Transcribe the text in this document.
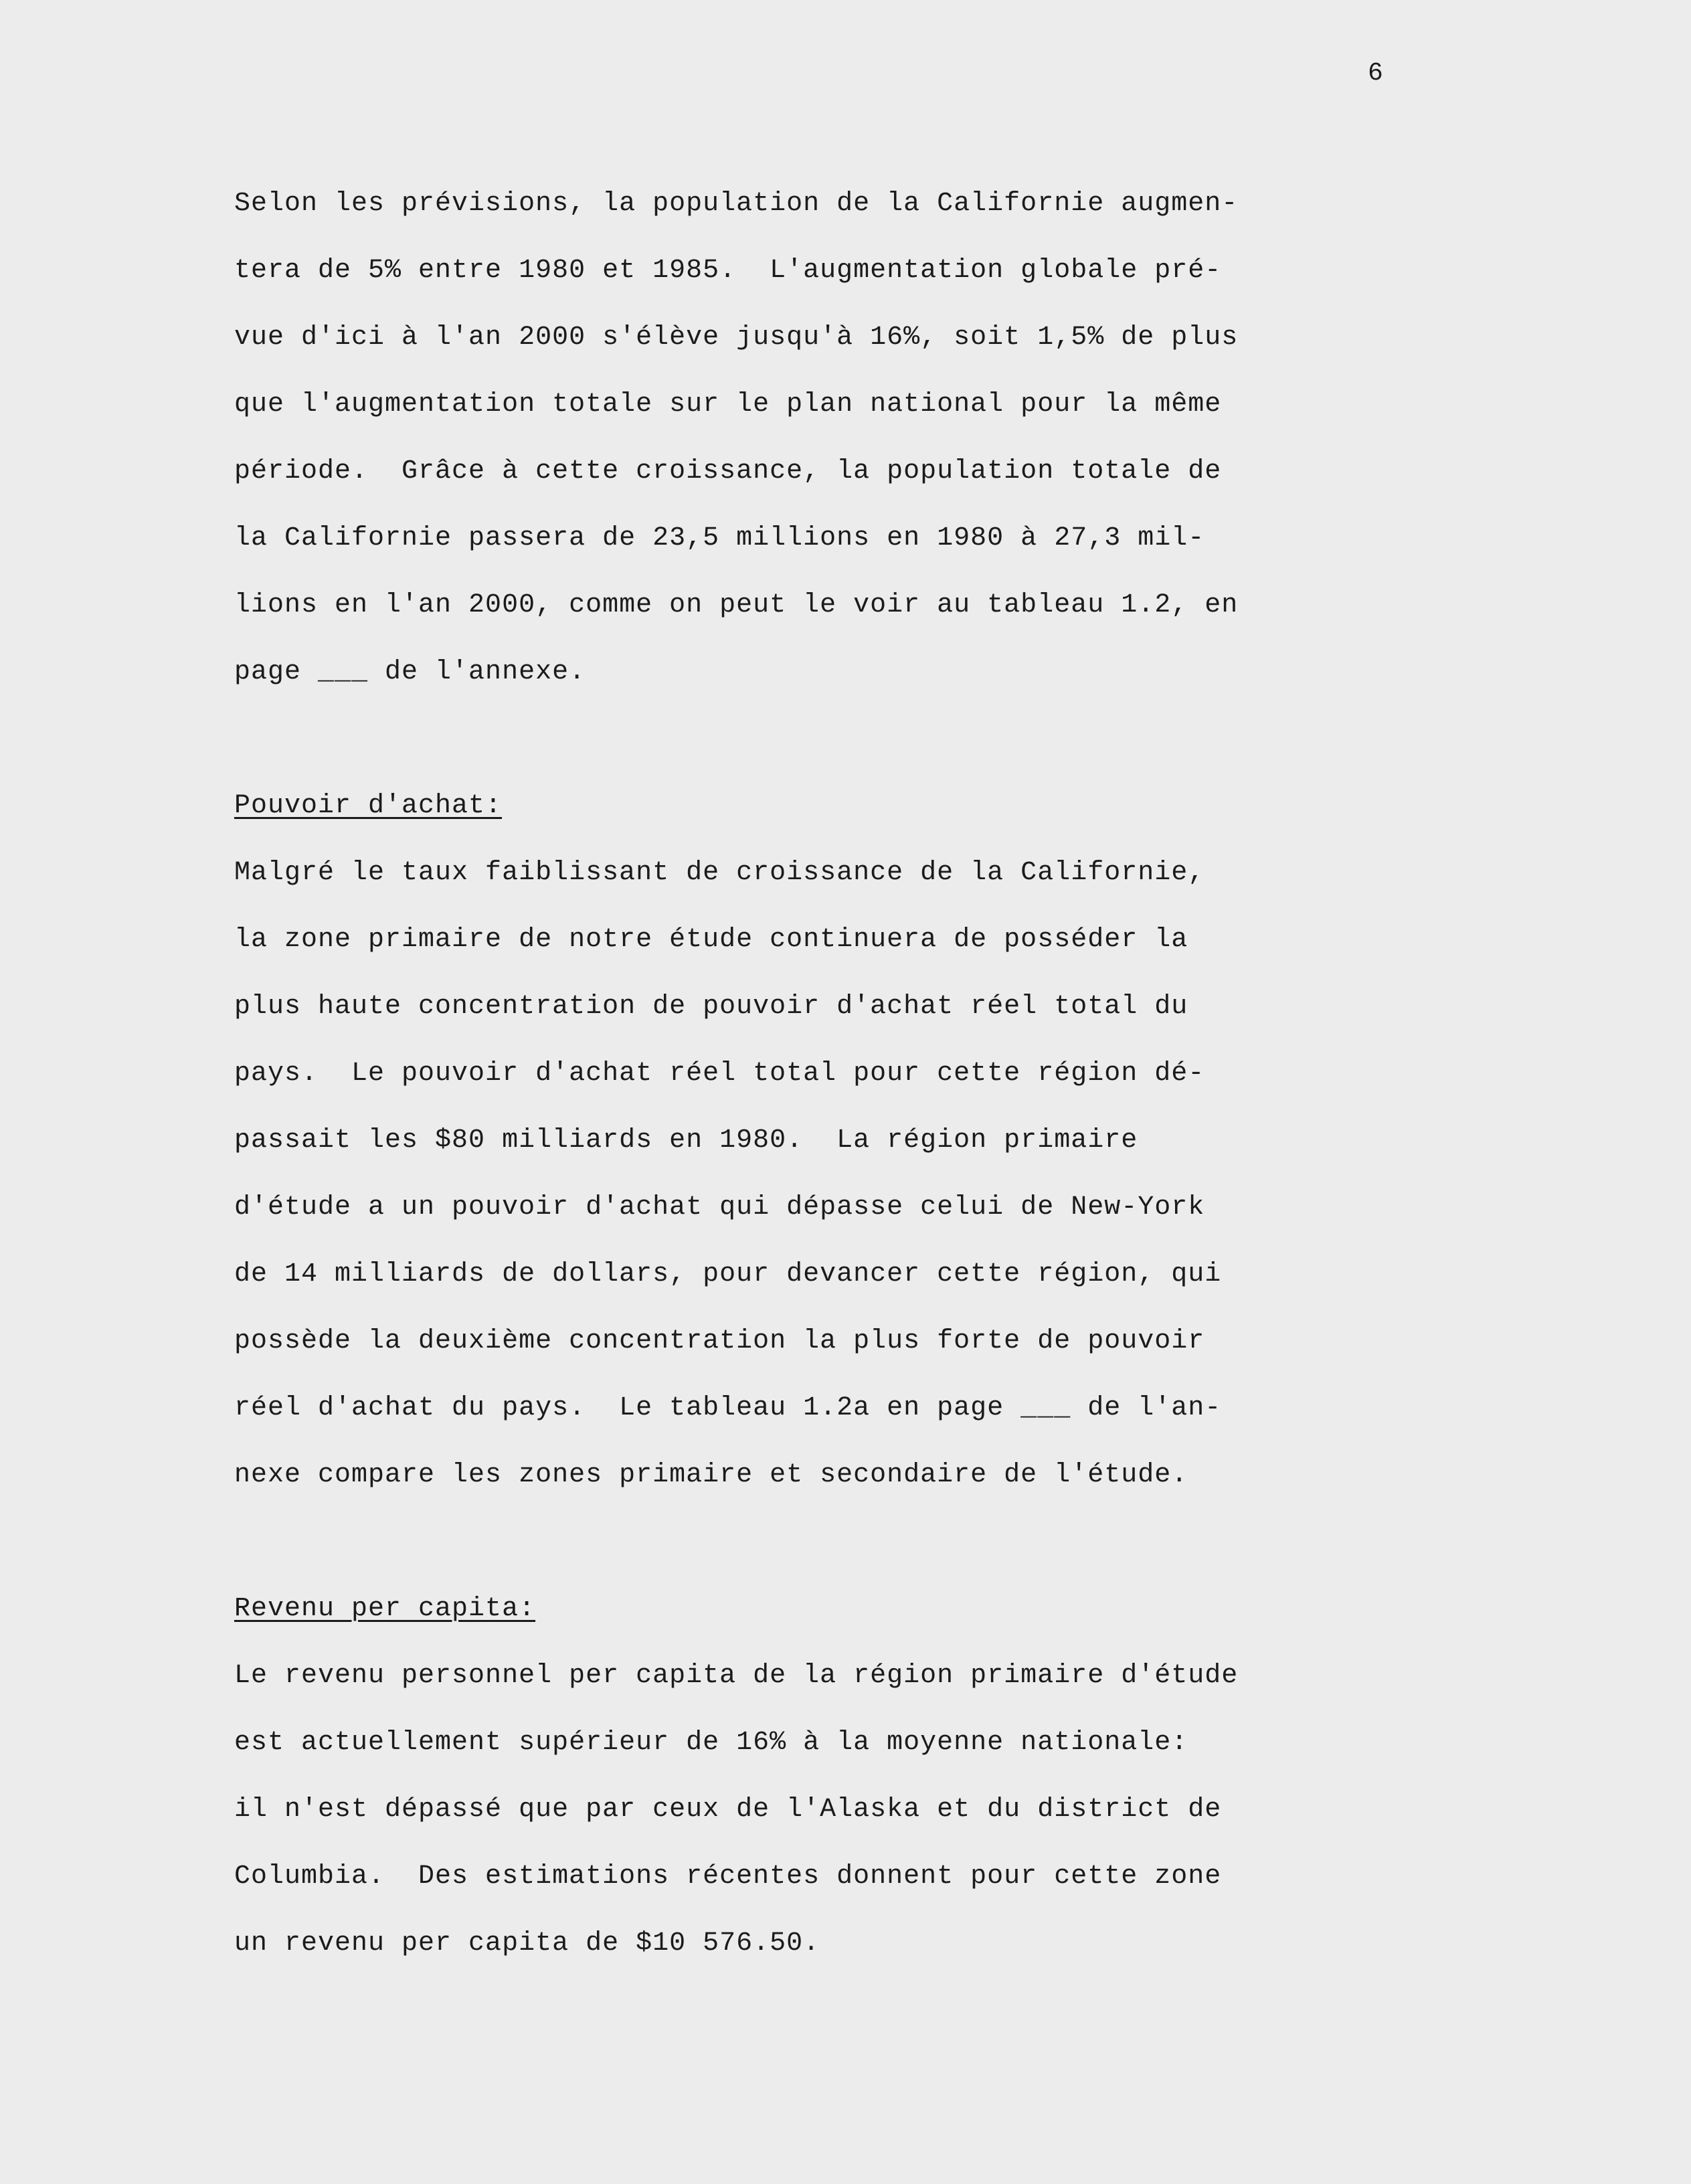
6

Selon les prévisions, la population de la Californie augmen-

tera de 5% entre 1980 et 1985.  L'augmentation globale pré-

vue d'ici à l'an 2000 s'élève jusqu'à 16%, soit 1,5% de plus

que l'augmentation totale sur le plan national pour la même

période.  Grâce à cette croissance, la population totale de

la Californie passera de 23,5 millions en 1980 à 27,3 mil-

lions en l'an 2000, comme on peut le voir au tableau 1.2, en

page ___ de l'annexe.

Pouvoir d'achat:

Malgré le taux faiblissant de croissance de la Californie,

la zone primaire de notre étude continuera de posséder la

plus haute concentration de pouvoir d'achat réel total du

pays.  Le pouvoir d'achat réel total pour cette région dé-

passait les $80 milliards en 1980.  La région primaire

d'étude a un pouvoir d'achat qui dépasse celui de New-York

de 14 milliards de dollars, pour devancer cette région, qui

possède la deuxième concentration la plus forte de pouvoir

réel d'achat du pays.  Le tableau 1.2a en page ___ de l'an-

nexe compare les zones primaire et secondaire de l'étude.

Revenu per capita:

Le revenu personnel per capita de la région primaire d'étude

est actuellement supérieur de 16% à la moyenne nationale:

il n'est dépassé que par ceux de l'Alaska et du district de

Columbia.  Des estimations récentes donnent pour cette zone

un revenu per capita de $10 576.50.
